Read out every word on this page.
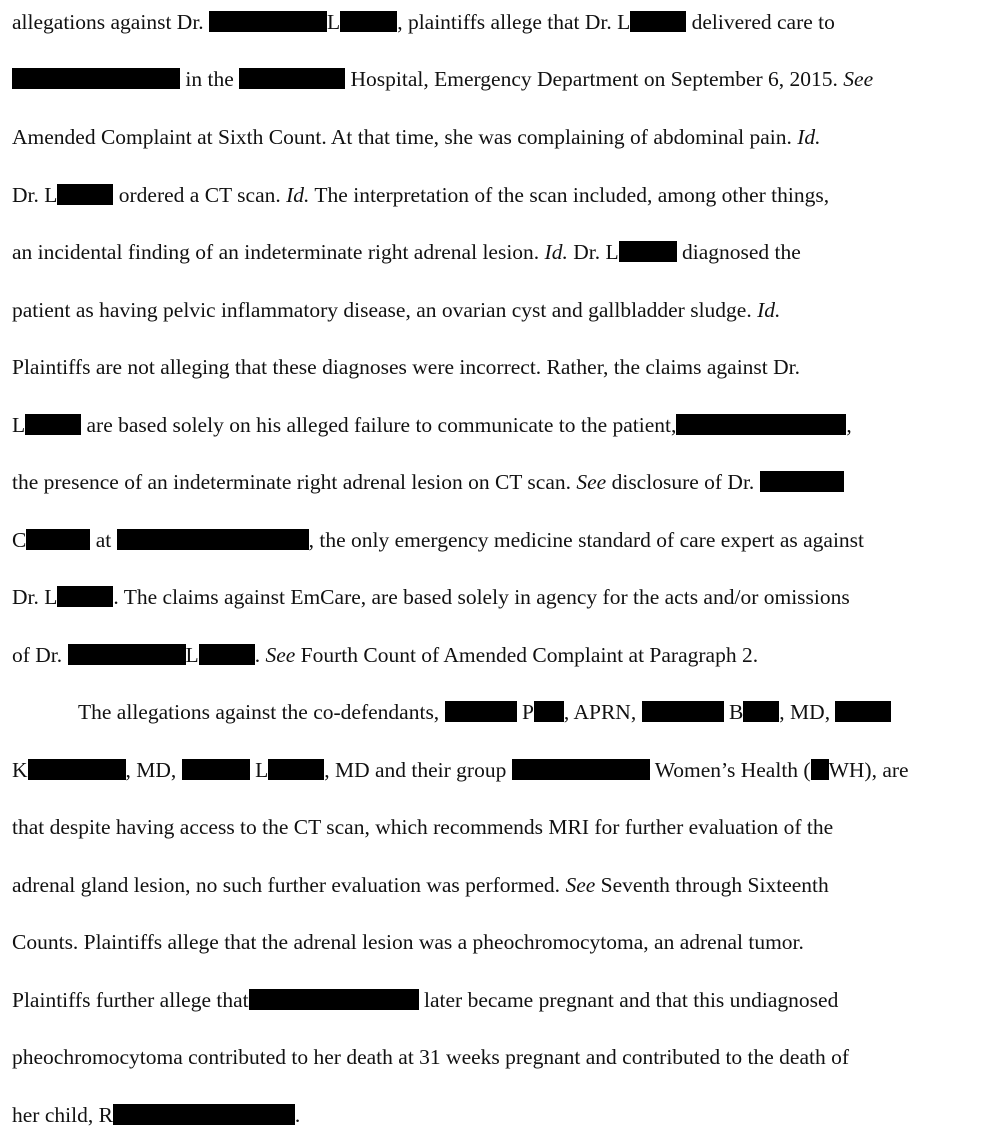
allegations against Dr.	L	, plaintiffs allege that Dr. L	delivered care to
in the	Hospital, Emergency Department on September 6, 2015. See
Amended Complaint at Sixth Count. At that time, she was complaining of abdominal pain. Id.
Dr. L	ordered a CT scan. Id. The interpretation of the scan included, among other things,
an incidental finding of an indeterminate right adrenal lesion. Id. Dr. L	diagnosed the
patient as having pelvic inflammatory disease, an ovarian cyst and gallbladder sludge. Id.
Plaintiffs are not alleging that these diagnoses were incorrect. Rather, the claims against Dr.
L	are based solely on his alleged failure to communicate to the patient,	,
the presence of an indeterminate right adrenal lesion on CT scan. See disclosure of Dr.
C	at	, the only emergency medicine standard of care expert as against
Dr. L	. The claims against EmCare, are based solely in agency for the acts and/or omissions
of Dr.	L	. See Fourth Count of Amended Complaint at Paragraph 2.
The allegations against the co-defendants,	P , APRN,	B , MD,
K	, MD,	L	, MD and their group	Women’s Health ( WH), are
that despite having access to the CT scan, which recommends MRI for further evaluation of the
adrenal gland lesion, no such further evaluation was performed. See Seventh through Sixteenth
Counts. Plaintiffs allege that the adrenal lesion was a pheochromocytoma, an adrenal tumor.
Plaintiffs further allege that	later became pregnant and that this undiagnosed
pheochromocytoma contributed to her death at 31 weeks pregnant and contributed to the death of
her child, R	.
